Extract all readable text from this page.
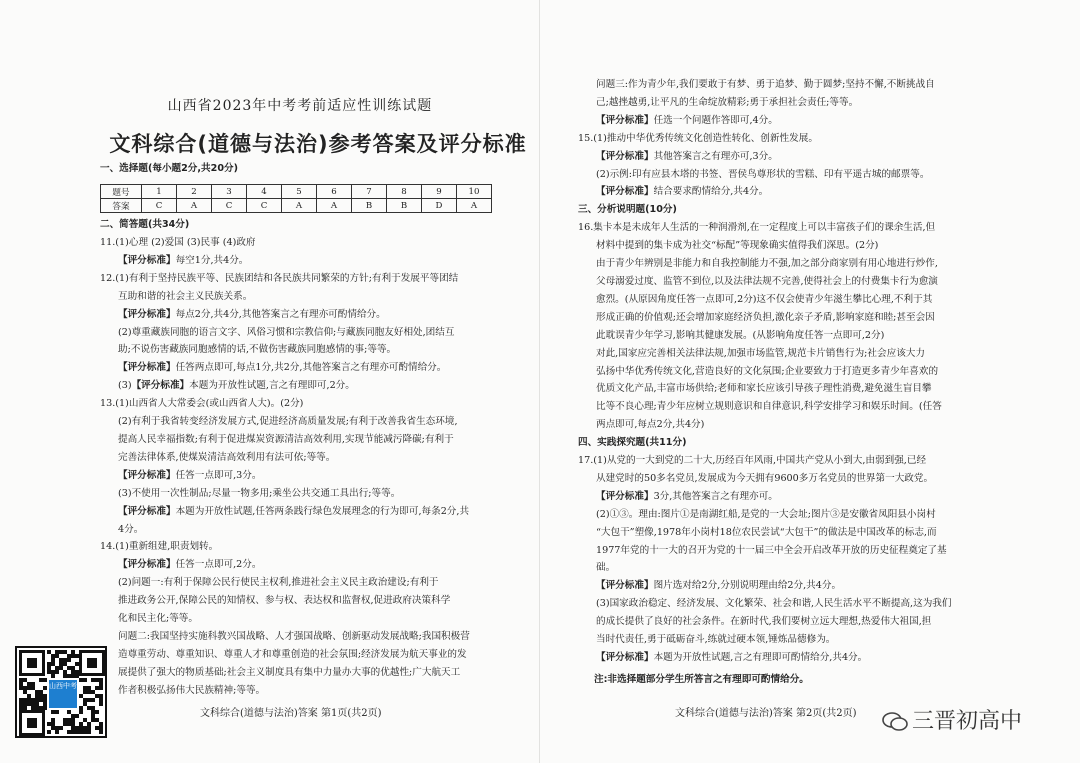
山西省2023年中考考前适应性训练试题
文科综合(道德与法治)参考答案及评分标准
一、选择题(每小题2分,共20分)
题号	1	2	3	4	5	6	7	8	9	10
答案	C	A	C	C	A	A	B	B	D	A
二、简答题(共34分)
11.(1)心理 (2)爱国 (3)民事 (4)政府
【评分标准】每空1分,共4分。
12.(1)有利于坚持民族平等、民族团结和各民族共同繁荣的方针;有利于发展平等团结
互助和谐的社会主义民族关系。
【评分标准】每点2分,共4分,其他答案言之有理亦可酌情给分。
(2)尊重藏族同胞的语言文字、风俗习惯和宗教信仰;与藏族同胞友好相处,团结互
助;不说伤害藏族同胞感情的话,不做伤害藏族同胞感情的事;等等。
【评分标准】任答两点即可,每点1分,共2分,其他答案言之有理亦可酌情给分。
(3)【评分标准】本题为开放性试题,言之有理即可,2分。
13.(1)山西省人大常委会(或山西省人大)。(2分)
(2)有利于我省转变经济发展方式,促进经济高质量发展;有利于改善我省生态环境,
提高人民幸福指数;有利于促进煤炭资源清洁高效利用,实现节能减污降碳;有利于
完善法律体系,使煤炭清洁高效利用有法可依;等等。
【评分标准】任答一点即可,3分。
(3)不使用一次性制品;尽量一物多用;乘坐公共交通工具出行;等等。
【评分标准】本题为开放性试题,任答两条践行绿色发展理念的行为即可,每条2分,共
4分。
14.(1)重新组建,职责划转。
【评分标准】任答一点即可,2分。
(2)问题一:有利于保障公民行使民主权利,推进社会主义民主政治建设;有利于
推进政务公开,保障公民的知情权、参与权、表达权和监督权,促进政府决策科学
化和民主化;等等。
问题二:我国坚持实施科教兴国战略、人才强国战略、创新驱动发展战略;我国积极营
造尊重劳动、尊重知识、尊重人才和尊重创造的社会氛围;经济发展为航天事业的发
展提供了强大的物质基础;社会主义制度具有集中力量办大事的优越性;广大航天工
作者积极弘扬伟大民族精神;等等。
山西中考
文科综合(道德与法治)答案 第1页(共2页)
问题三:作为青少年,我们要敢于有梦、勇于追梦、勤于圆梦;坚持不懈,不断挑战自
己;越挫越勇,让平凡的生命绽放精彩;勇于承担社会责任;等等。
【评分标准】任选一个问题作答即可,4分。
15.(1)推动中华优秀传统文化创造性转化、创新性发展。
【评分标准】其他答案言之有理亦可,3分。
(2)示例:印有应县木塔的书签、晋侯鸟尊形状的雪糕、印有平遥古城的邮票等。
【评分标准】结合要求酌情给分,共4分。
三、分析说明题(10分)
16.集卡本是未成年人生活的一种润滑剂,在一定程度上可以丰富孩子们的课余生活,但
材料中提到的集卡成为社交“标配”等现象确实值得我们深思。(2分)
由于青少年辨别是非能力和自我控制能力不强,加之部分商家别有用心地进行炒作,
父母溺爱过度、监管不到位,以及法律法规不完善,使得社会上的付费集卡行为愈演
愈烈。(从原因角度任答一点即可,2分)这不仅会使青少年滋生攀比心理,不利于其
形成正确的价值观;还会增加家庭经济负担,激化亲子矛盾,影响家庭和睦;甚至会因
此耽误青少年学习,影响其健康发展。(从影响角度任答一点即可,2分)
对此,国家应完善相关法律法规,加强市场监管,规范卡片销售行为;社会应该大力
弘扬中华优秀传统文化,营造良好的文化氛围;企业要致力于打造更多青少年喜欢的
优质文化产品,丰富市场供给;老师和家长应该引导孩子理性消费,避免滋生盲目攀
比等不良心理;青少年应树立规则意识和自律意识,科学安排学习和娱乐时间。(任答
两点即可,每点2分,共4分)
四、实践探究题(共11分)
17.(1)从党的一大到党的二十大,历经百年风雨,中国共产党从小到大,由弱到强,已经
从建党时的50多名党员,发展成为今天拥有9600多万名党员的世界第一大政党。
【评分标准】3分,其他答案言之有理亦可。
(2)①③。理由:图片①是南湖红船,是党的一大会址;图片③是安徽省凤阳县小岗村
“大包干”塑像,1978年小岗村18位农民尝试“大包干”的做法是中国改革的标志,而
1977年党的十一大的召开为党的十一届三中全会开启改革开放的历史征程奠定了基
础。
【评分标准】图片选对给2分,分别说明理由给2分,共4分。
(3)国家政治稳定、经济发展、文化繁荣、社会和谐,人民生活水平不断提高,这为我们
的成长提供了良好的社会条件。在新时代,我们要树立远大理想,热爱伟大祖国,担
当时代责任,勇于砥砺奋斗,练就过硬本领,锤炼品德修为。
【评分标准】本题为开放性试题,言之有理即可酌情给分,共4分。
注:非选择题部分学生所答言之有理即可酌情给分。
文科综合(道德与法治)答案 第2页(共2页)	三晋初高中
